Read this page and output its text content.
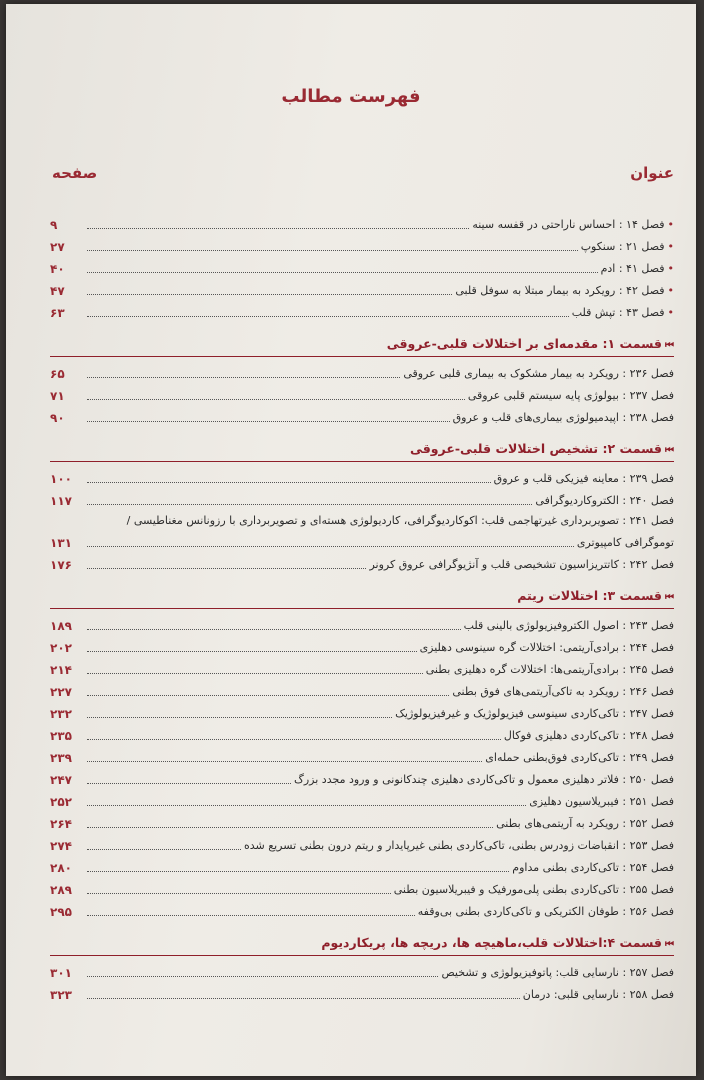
فهرست مطالب
عنوان
صفحه
•فصل ۱۴ : احساس ناراحتی در قفسه سینه
۹
•فصل ۲۱ : سنکوپ
۲۷
•فصل ۴۱ : ادم
۴۰
•فصل ۴۲ : رویکرد به بیمار مبتلا به سوفل قلبی
۴۷
•فصل ۴۳ : تپش قلب
۶۳
⏮قسمت ۱: مقدمه‌ای بر اختلالات قلبی-عروقی
فصل ۲۳۶ : رویکرد به بیمار مشکوک به بیماری قلبی عروقی
۶۵
فصل ۲۳۷ : بیولوژی پایه سیستم قلبی عروقی
۷۱
فصل ۲۳۸ : اپیدمیولوژی بیماری‌های قلب و عروق
۹۰
⏮قسمت ۲: تشخیص اختلالات قلبی-عروقی
فصل ۲۳۹ : معاینه فیزیکی قلب و عروق
۱۰۰
فصل ۲۴۰ : الکتروکاردیوگرافی
۱۱۷
فصل ۲۴۱ : تصویربرداری غیرتهاجمی قلب: اکوکاردیوگرافی، کاردیولوژی هسته‌ای و تصویربرداری با رزونانس مغناطیسی /
توموگرافی کامپیوتری
۱۳۱
فصل ۲۴۲ : کاتتریزاسیون تشخیصی قلب و آنژیوگرافی عروق کرونر
۱۷۶
⏮قسمت ۳: اختلالات ریتم
فصل ۲۴۳ : اصول الکتروفیزیولوژی بالینی قلب
۱۸۹
فصل ۲۴۴ : برادی‌آریتمی: اختلالات گره سینوسی دهلیزی
۲۰۲
فصل ۲۴۵ : برادی‌آریتمی‌ها: اختلالات گره دهلیزی بطنی
۲۱۴
فصل ۲۴۶ : رویکرد به تاکی‌آریتمی‌های فوق بطنی
۲۲۷
فصل ۲۴۷ : تاکی‌کاردی سینوسی فیزیولوژیک و غیرفیزیولوژیک
۲۳۲
فصل ۲۴۸ : تاکی‌کاردی دهلیزی فوکال
۲۳۵
فصل ۲۴۹ : تاکی‌کاردی فوق‌بطنی حمله‌ای
۲۳۹
فصل ۲۵۰ : فلاتر دهلیزی معمول و تاکی‌کاردی دهلیزی چندکانونی و ورود مجدد بزرگ
۲۴۷
فصل ۲۵۱ : فیبریلاسیون دهلیزی
۲۵۲
فصل ۲۵۲ : رویکرد به آریتمی‌های بطنی
۲۶۴
فصل ۲۵۳ : انقباضات زودرس بطنی، تاکی‌کاردی بطنی غیرپایدار و ریتم درون بطنی تسریع شده
۲۷۴
فصل ۲۵۴ : تاکی‌کاردی بطنی مداوم
۲۸۰
فصل ۲۵۵ : تاکی‌کاردی بطنی پلی‌مورفیک و فیبریلاسیون بطنی
۲۸۹
فصل ۲۵۶ : طوفان الکتریکی و تاکی‌کاردی بطنی بی‌وقفه
۲۹۵
⏮قسمت ۴:اختلالات قلب،ماهیچه ها، دریچه ها، پریکاردیوم
فصل ۲۵۷ : نارسایی قلب: پاتوفیزیولوژی و تشخیص
۳۰۱
فصل ۲۵۸ : نارسایی قلبی: درمان
۳۲۳
